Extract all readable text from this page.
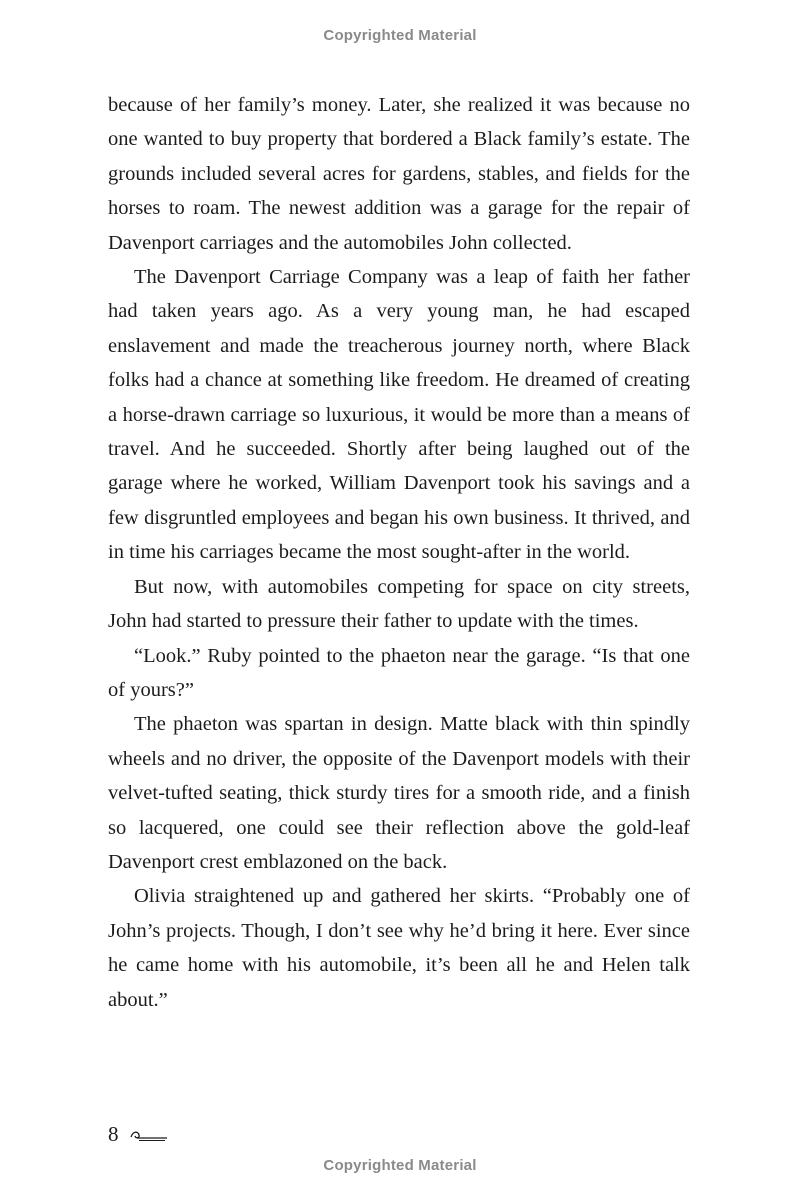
Copyrighted Material

because of her family’s money. Later, she realized it was because no one wanted to buy property that bordered a Black family’s estate. The grounds included several acres for gardens, stables, and fields for the horses to roam. The newest addition was a garage for the repair of Davenport carriages and the automobiles John collected.

The Davenport Carriage Company was a leap of faith her father had taken years ago. As a very young man, he had escaped enslavement and made the treacherous journey north, where Black folks had a chance at something like freedom. He dreamed of creating a horse-drawn carriage so luxurious, it would be more than a means of travel. And he succeeded. Shortly after being laughed out of the garage where he worked, William Davenport took his savings and a few disgruntled employees and began his own business. It thrived, and in time his carriages became the most sought-after in the world.

But now, with automobiles competing for space on city streets, John had started to pressure their father to update with the times.

“Look.” Ruby pointed to the phaeton near the garage. “Is that one of yours?”

The phaeton was spartan in design. Matte black with thin spindly wheels and no driver, the opposite of the Davenport models with their velvet-tufted seating, thick sturdy tires for a smooth ride, and a finish so lacquered, one could see their reflection above the gold-leaf Davenport crest emblazoned on the back.

Olivia straightened up and gathered her skirts. “Probably one of John’s projects. Though, I don’t see why he’d bring it here. Ever since he came home with his automobile, it’s been all he and Helen talk about.”

8
Copyrighted Material
